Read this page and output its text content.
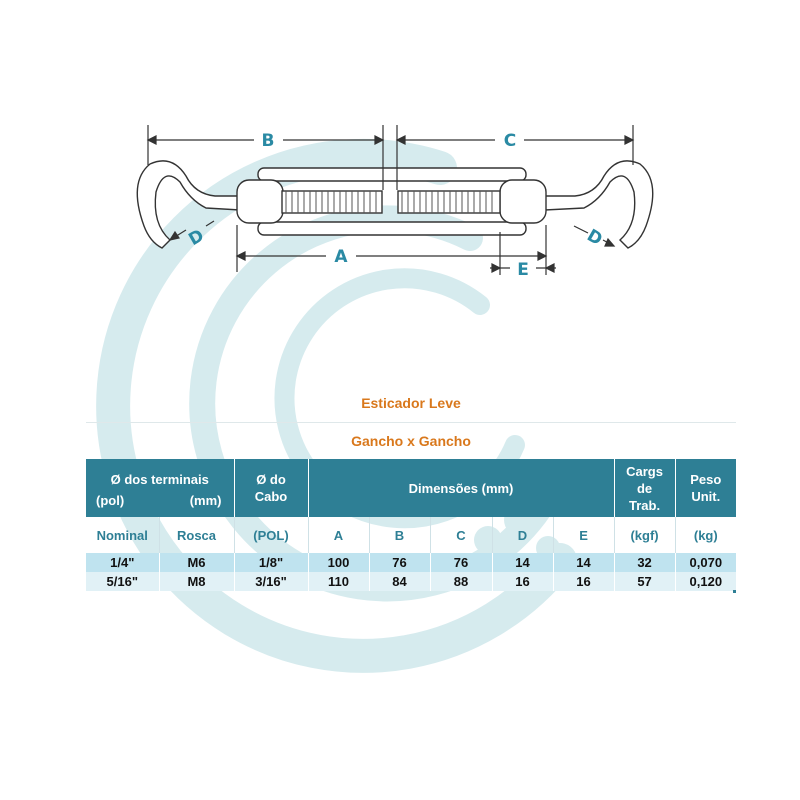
B	C
A
E
D	D
Esticador Leve
Gancho x Gancho
Ø dos terminais
(pol) (mm)		Ø do Cabo	Dimensões (mm)					Cargs de Trab.	Peso Unit.
Nominal	Rosca	(POL)	A	B	C	D	E	(kgf)	(kg)
1/4"	M6	1/8"	100	76	76	14	14	32	0,070
5/16"	M8	3/16"	110	84	88	16	16	57	0,120
